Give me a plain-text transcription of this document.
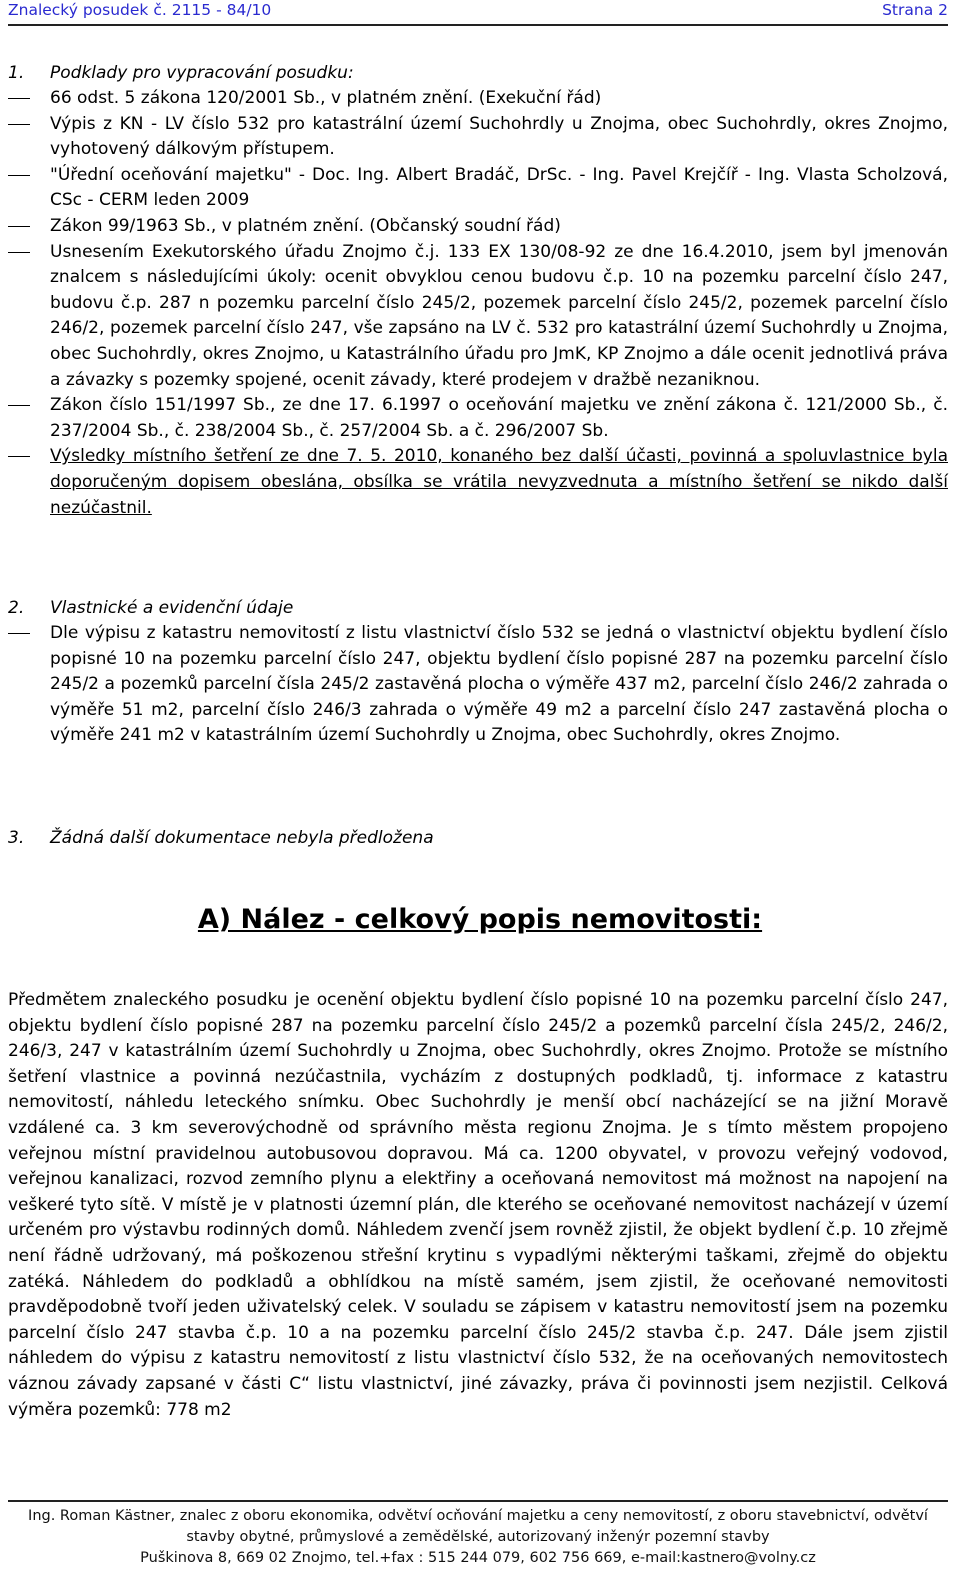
Znalecký posudek č. 2115 - 84/10	Strana 2
1. Podklady pro vypracování posudku:
66 odst. 5 zákona 120/2001 Sb., v platném znění. (Exekuční řád)
Výpis z KN - LV číslo 532 pro katastrální území Suchohrdly u Znojma, obec Suchohrdly, okres Znojmo, vyhotovený dálkovým přístupem.
"Úřední oceňování majetku" - Doc. Ing. Albert Bradáč, DrSc. - Ing. Pavel Krejčíř - Ing. Vlasta Scholzová, CSc - CERM leden 2009
Zákon 99/1963 Sb., v platném znění. (Občanský soudní řád)
Usnesením Exekutorského úřadu Znojmo č.j. 133 EX 130/08-92 ze dne 16.4.2010, jsem byl jmenován znalcem s následujícími úkoly: ocenit obvyklou cenou budovu č.p. 10 na pozemku parcelní číslo 247, budovu č.p. 287 n pozemku parcelní číslo 245/2, pozemek parcelní číslo 245/2, pozemek parcelní číslo 246/2, pozemek parcelní číslo 247, vše zapsáno na LV č. 532 pro katastrální území Suchohrdly u Znojma, obec Suchohrdly, okres Znojmo, u Katastrálního úřadu pro JmK, KP Znojmo a dále ocenit jednotlivá práva a závazky s pozemky spojené, ocenit závady, které prodejem v dražbě nezaniknou.
Zákon číslo 151/1997 Sb., ze dne 17. 6.1997 o oceňování majetku ve znění zákona č. 121/2000 Sb., č. 237/2004 Sb., č. 238/2004 Sb., č. 257/2004 Sb. a č. 296/2007 Sb.
Výsledky místního šetření ze dne 7. 5. 2010, konaného bez další účasti, povinná a spoluvlastnice byla doporučeným dopisem obeslána, obsílka se vrátila nevyzvednuta a místního šetření se nikdo další nezúčastnil.
2. Vlastnické a evidenční údaje
Dle výpisu z katastru nemovitostí z listu vlastnictví číslo 532 se jedná o vlastnictví objektu bydlení číslo popisné 10 na pozemku parcelní číslo 247, objektu bydlení číslo popisné 287 na pozemku parcelní číslo 245/2 a pozemků parcelní čísla 245/2 zastavěná plocha o výměře 437 m2, parcelní číslo 246/2 zahrada o výměře 51 m2, parcelní číslo 246/3 zahrada o výměře 49 m2 a parcelní číslo 247 zastavěná plocha o výměře 241 m2 v katastrálním území Suchohrdly u Znojma, obec Suchohrdly, okres Znojmo.
3. Žádná další dokumentace nebyla předložena
A) Nález - celkový popis nemovitosti:
Předmětem znaleckého posudku je ocenění objektu bydlení číslo popisné 10 na pozemku parcelní číslo 247, objektu bydlení číslo popisné 287 na pozemku parcelní číslo 245/2 a pozemků parcelní čísla 245/2, 246/2, 246/3, 247 v katastrálním území Suchohrdly u Znojma, obec Suchohrdly, okres Znojmo. Protože se místního šetření vlastnice a povinná nezúčastnila, vycházím z dostupných podkladů, tj. informace z katastru nemovitostí, náhledu leteckého snímku. Obec Suchohrdly je menší obcí nacházející se na jižní Moravě vzdálené ca. 3 km severovýchodně od správního města regionu Znojma. Je s tímto městem propojeno veřejnou místní pravidelnou autobusovou dopravou. Má ca. 1200 obyvatel, v provozu veřejný vodovod, veřejnou kanalizaci, rozvod zemního plynu a elektřiny a oceňovaná nemovitost má možnost na napojení na veškeré tyto sítě. V místě je v platnosti územní plán, dle kterého se oceňované nemovitost nacházejí v území určeném pro výstavbu rodinných domů. Náhledem zvenčí jsem rovněž zjistil, že objekt bydlení č.p. 10 zřejmě není řádně udržovaný, má poškozenou střešní krytinu s vypadlými některými taškami, zřejmě do objektu zatéká. Náhledem do podkladů a obhlídkou na místě samém, jsem zjistil, že oceňované nemovitosti pravděpodobně tvoří jeden uživatelský celek. V souladu se zápisem v katastru nemovitostí jsem na pozemku parcelní číslo 247 stavba č.p. 10 a na pozemku parcelní číslo 245/2 stavba č.p. 247. Dále jsem zjistil náhledem do výpisu z katastru nemovitostí z listu vlastnictví číslo 532, že na oceňovaných nemovitostech váznou závady zapsané v části C“ listu vlastnictví, jiné závazky, práva či povinnosti jsem nezjistil. Celková výměra pozemků: 778 m2
Ing. Roman Kästner, znalec z oboru ekonomika, odvětví ocňování majetku a ceny nemovitostí, z oboru stavebnictví, odvětví
stavby obytné, průmyslové a zemědělské, autorizovaný inženýr pozemní stavby
Puškinova 8, 669 02 Znojmo, tel.+fax : 515 244 079, 602 756 669, e-mail:kastnero@volny.cz
